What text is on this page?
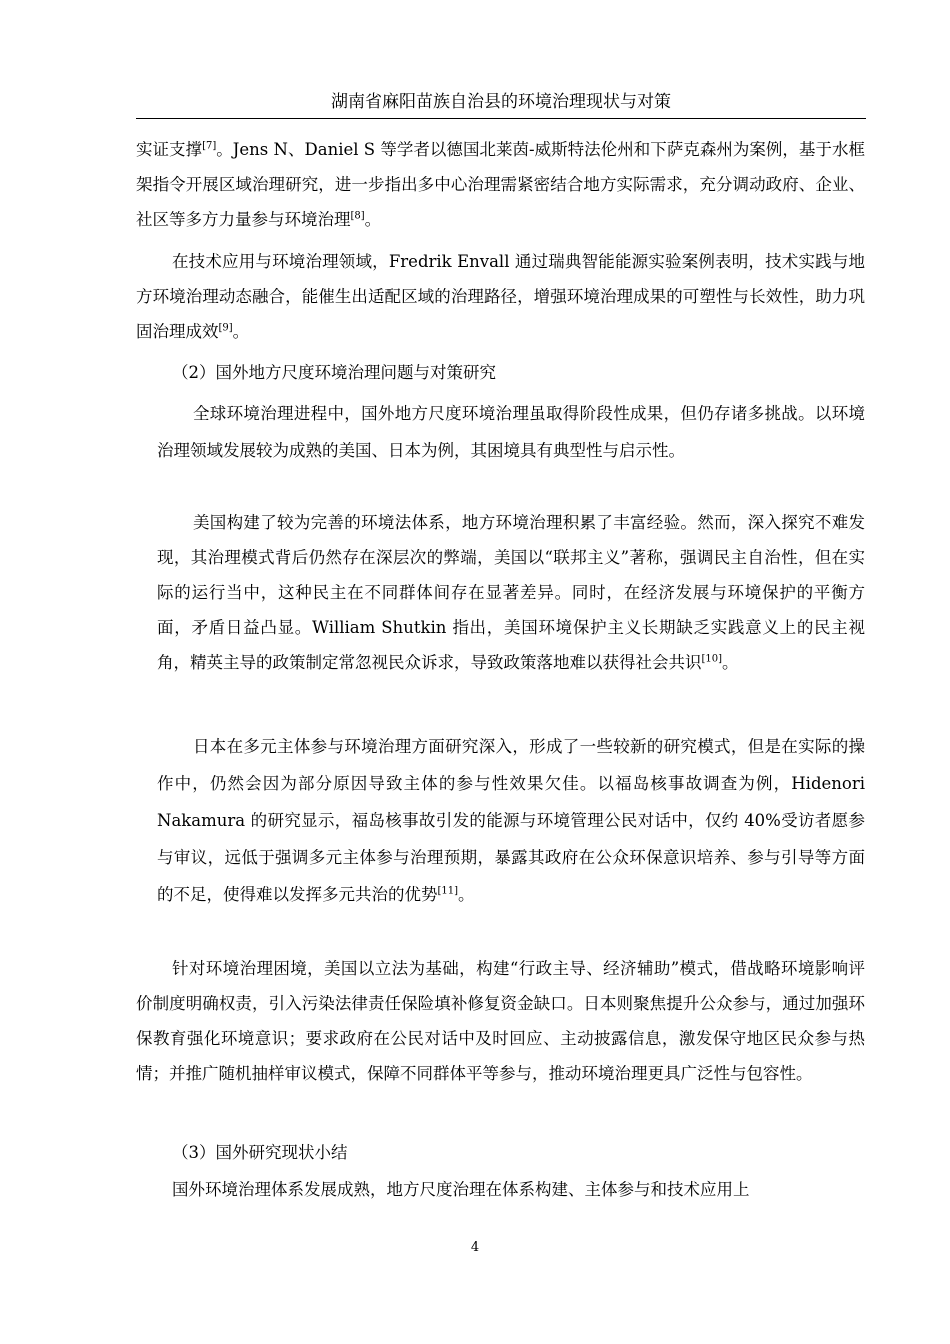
湖南省麻阳苗族自治县的环境治理现状与对策

实证支撑[7]。Jens N、Daniel S 等学者以德国北莱茵-威斯特法伦州和下萨克森州为案例，基于水框架指令开展区域治理研究，进一步指出多中心治理需紧密结合地方实际需求，充分调动政府、企业、社区等多方力量参与环境治理[8]。

在技术应用与环境治理领域，Fredrik Envall 通过瑞典智能能源实验案例表明，技术实践与地方环境治理动态融合，能催生出适配区域的治理路径，增强环境治理成果的可塑性与长效性，助力巩固治理成效[9]。

（2）国外地方尺度环境治理问题与对策研究

全球环境治理进程中，国外地方尺度环境治理虽取得阶段性成果，但仍存诸多挑战。以环境治理领域发展较为成熟的美国、日本为例，其困境具有典型性与启示性。

美国构建了较为完善的环境法体系，地方环境治理积累了丰富经验。然而，深入探究不难发现，其治理模式背后仍然存在深层次的弊端，美国以“联邦主义”著称，强调民主自治性，但在实际的运行当中，这种民主在不同群体间存在显著差异。同时，在经济发展与环境保护的平衡方面，矛盾日益凸显。William Shutkin 指出，美国环境保护主义长期缺乏实践意义上的民主视角，精英主导的政策制定常忽视民众诉求，导致政策落地难以获得社会共识[10]。

日本在多元主体参与环境治理方面研究深入，形成了一些较新的研究模式，但是在实际的操作中，仍然会因为部分原因导致主体的参与性效果欠佳。以福岛核事故调查为例，Hidenori Nakamura 的研究显示，福岛核事故引发的能源与环境管理公民对话中，仅约 40%受访者愿参与审议，远低于强调多元主体参与治理预期，暴露其政府在公众环保意识培养、参与引导等方面的不足，使得难以发挥多元共治的优势[11]。

针对环境治理困境，美国以立法为基础，构建“行政主导、经济辅助”模式，借战略环境影响评价制度明确权责，引入污染法律责任保险填补修复资金缺口。日本则聚焦提升公众参与，通过加强环保教育强化环境意识；要求政府在公民对话中及时回应、主动披露信息，激发保守地区民众参与热情；并推广随机抽样审议模式，保障不同群体平等参与，推动环境治理更具广泛性与包容性。

（3）国外研究现状小结

国外环境治理体系发展成熟，地方尺度治理在体系构建、主体参与和技术应用上

4
